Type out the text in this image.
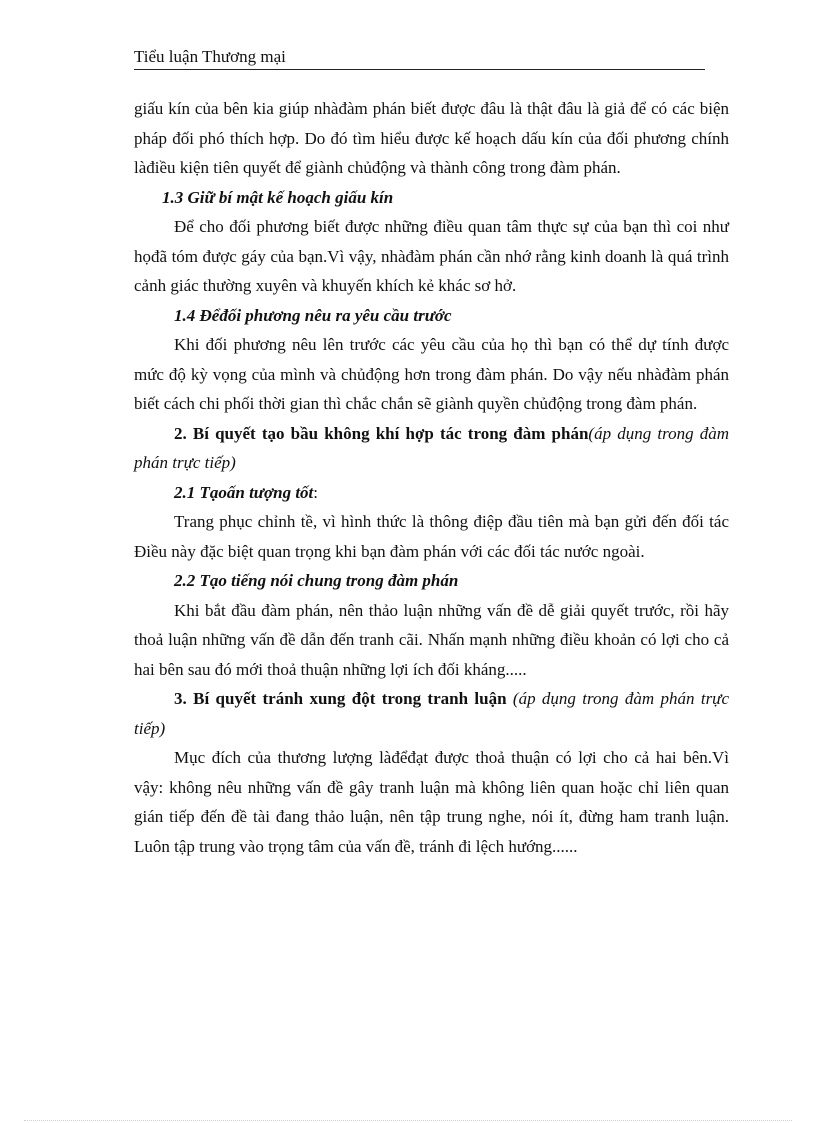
Tiểu luận Thương mại

giấu kín của bên kia giúp nhàđàm phán biết được đâu là thật đâu là giả để có các biện pháp đối phó thích hợp. Do đó tìm hiểu được kế hoạch dấu kín của đối phương chính làđiều kiện tiên quyết để giành chủđộng và thành công trong đàm phán.

1.3 Giữ bí mật kế hoạch giấu kín

Để cho đối phương biết được những điều quan tâm thực sự của bạn thì coi như họđã tóm được gáy của bạn.Vì vậy, nhàđàm phán cần nhớ rằng kinh doanh là quá trình cảnh giác thường xuyên và khuyến khích kẻ khác sơ hở.

1.4 Đểđối phương nêu ra yêu cầu trước

Khi đối phương nêu lên trước các yêu cầu của họ thì bạn có thể dự tính được mức độ kỳ vọng của mình và chủđộng hơn trong đàm phán. Do vậy nếu nhàđàm phán biết cách chi phối thời gian thì chắc chắn sẽ giành quyền chủđộng trong đàm phán.

2. Bí quyết tạo bầu không khí hợp tác trong đàm phán(áp dụng trong đàm phán trực tiếp)

2.1 Tạoấn tượng tốt:

Trang phục chỉnh tề, vì hình thức là thông điệp đầu tiên mà bạn gửi đến đối tác Điều này đặc biệt quan trọng khi bạn đàm phán với các đối tác nước ngoài.

2.2 Tạo tiếng nói chung trong đàm phán

Khi bắt đầu đàm phán, nên thảo luận những vấn đề dễ giải quyết trước, rồi hãy thoả luận những vấn đề dẫn đến tranh cãi. Nhấn mạnh những điều khoản có lợi cho cả hai bên sau đó mới thoả thuận những lợi ích đối kháng.....

3. Bí quyết tránh xung đột trong tranh luận (áp dụng trong đàm phán trực tiếp)

Mục đích của thương lượng làđểđạt được thoả thuận có lợi cho cả hai bên.Vì vậy: không nêu những vấn đề gây tranh luận mà không liên quan hoặc chỉ liên quan gián tiếp đến đề tài đang thảo luận, nên tập trung nghe, nói ít, đừng ham tranh luận. Luôn tập trung vào trọng tâm của vấn đề, tránh đi lệch hướng......
